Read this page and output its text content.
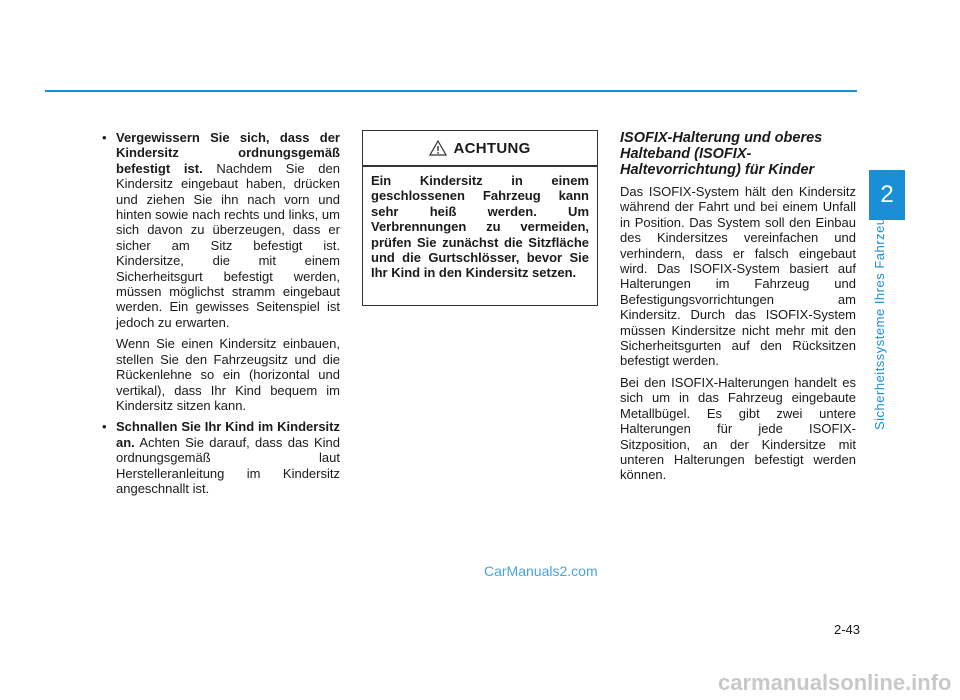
• Vergewissern Sie sich, dass der Kindersitz ordnungsgemäß befestigt ist. Nachdem Sie den Kindersitz eingebaut haben, drücken und ziehen Sie ihn nach vorn und hinten sowie nach rechts und links, um sich davon zu überzeugen, dass er sicher am Sitz befestigt ist. Kindersitze, die mit einem Sicherheitsgurt befestigt werden, müssen möglichst stramm eingebaut werden. Ein gewisses Seitenspiel ist jedoch zu erwarten.
Wenn Sie einen Kindersitz einbauen, stellen Sie den Fahrzeugsitz und die Rückenlehne so ein (horizontal und vertikal), dass Ihr Kind bequem im Kindersitz sitzen kann.
• Schnallen Sie Ihr Kind im Kindersitz an. Achten Sie darauf, dass das Kind ordnungsgemäß laut Herstelleranleitung im Kindersitz angeschnallt ist.
ACHTUNG
Ein Kindersitz in einem geschlossenen Fahrzeug kann sehr heiß werden. Um Verbrennungen zu vermeiden, prüfen Sie zunächst die Sitzfläche und die Gurtschlösser, bevor Sie Ihr Kind in den Kindersitz setzen.
ISOFIX-Halterung und oberes Halteband (ISOFIX-Haltevorrichtung) für Kinder
Das ISOFIX-System hält den Kindersitz während der Fahrt und bei einem Unfall in Position. Das System soll den Einbau des Kindersitzes vereinfachen und verhindern, dass er falsch eingebaut wird. Das ISOFIX-System basiert auf Halterungen im Fahrzeug und Befestigungsvorrichtungen am Kindersitz. Durch das ISOFIX-System müssen Kindersitze nicht mehr mit den Sicherheitsgurten auf den Rücksitzen befestigt werden.
Bei den ISOFIX-Halterungen handelt es sich um in das Fahrzeug eingebaute Metallbügel. Es gibt zwei untere Halterungen für jede ISOFIX-Sitzposition, an der Kindersitze mit unteren Halterungen befestigt werden können.
2
Sicherheitssysteme Ihres Fahrzeugs
2-43
CarManuals2.com
carmanualsonline.info
